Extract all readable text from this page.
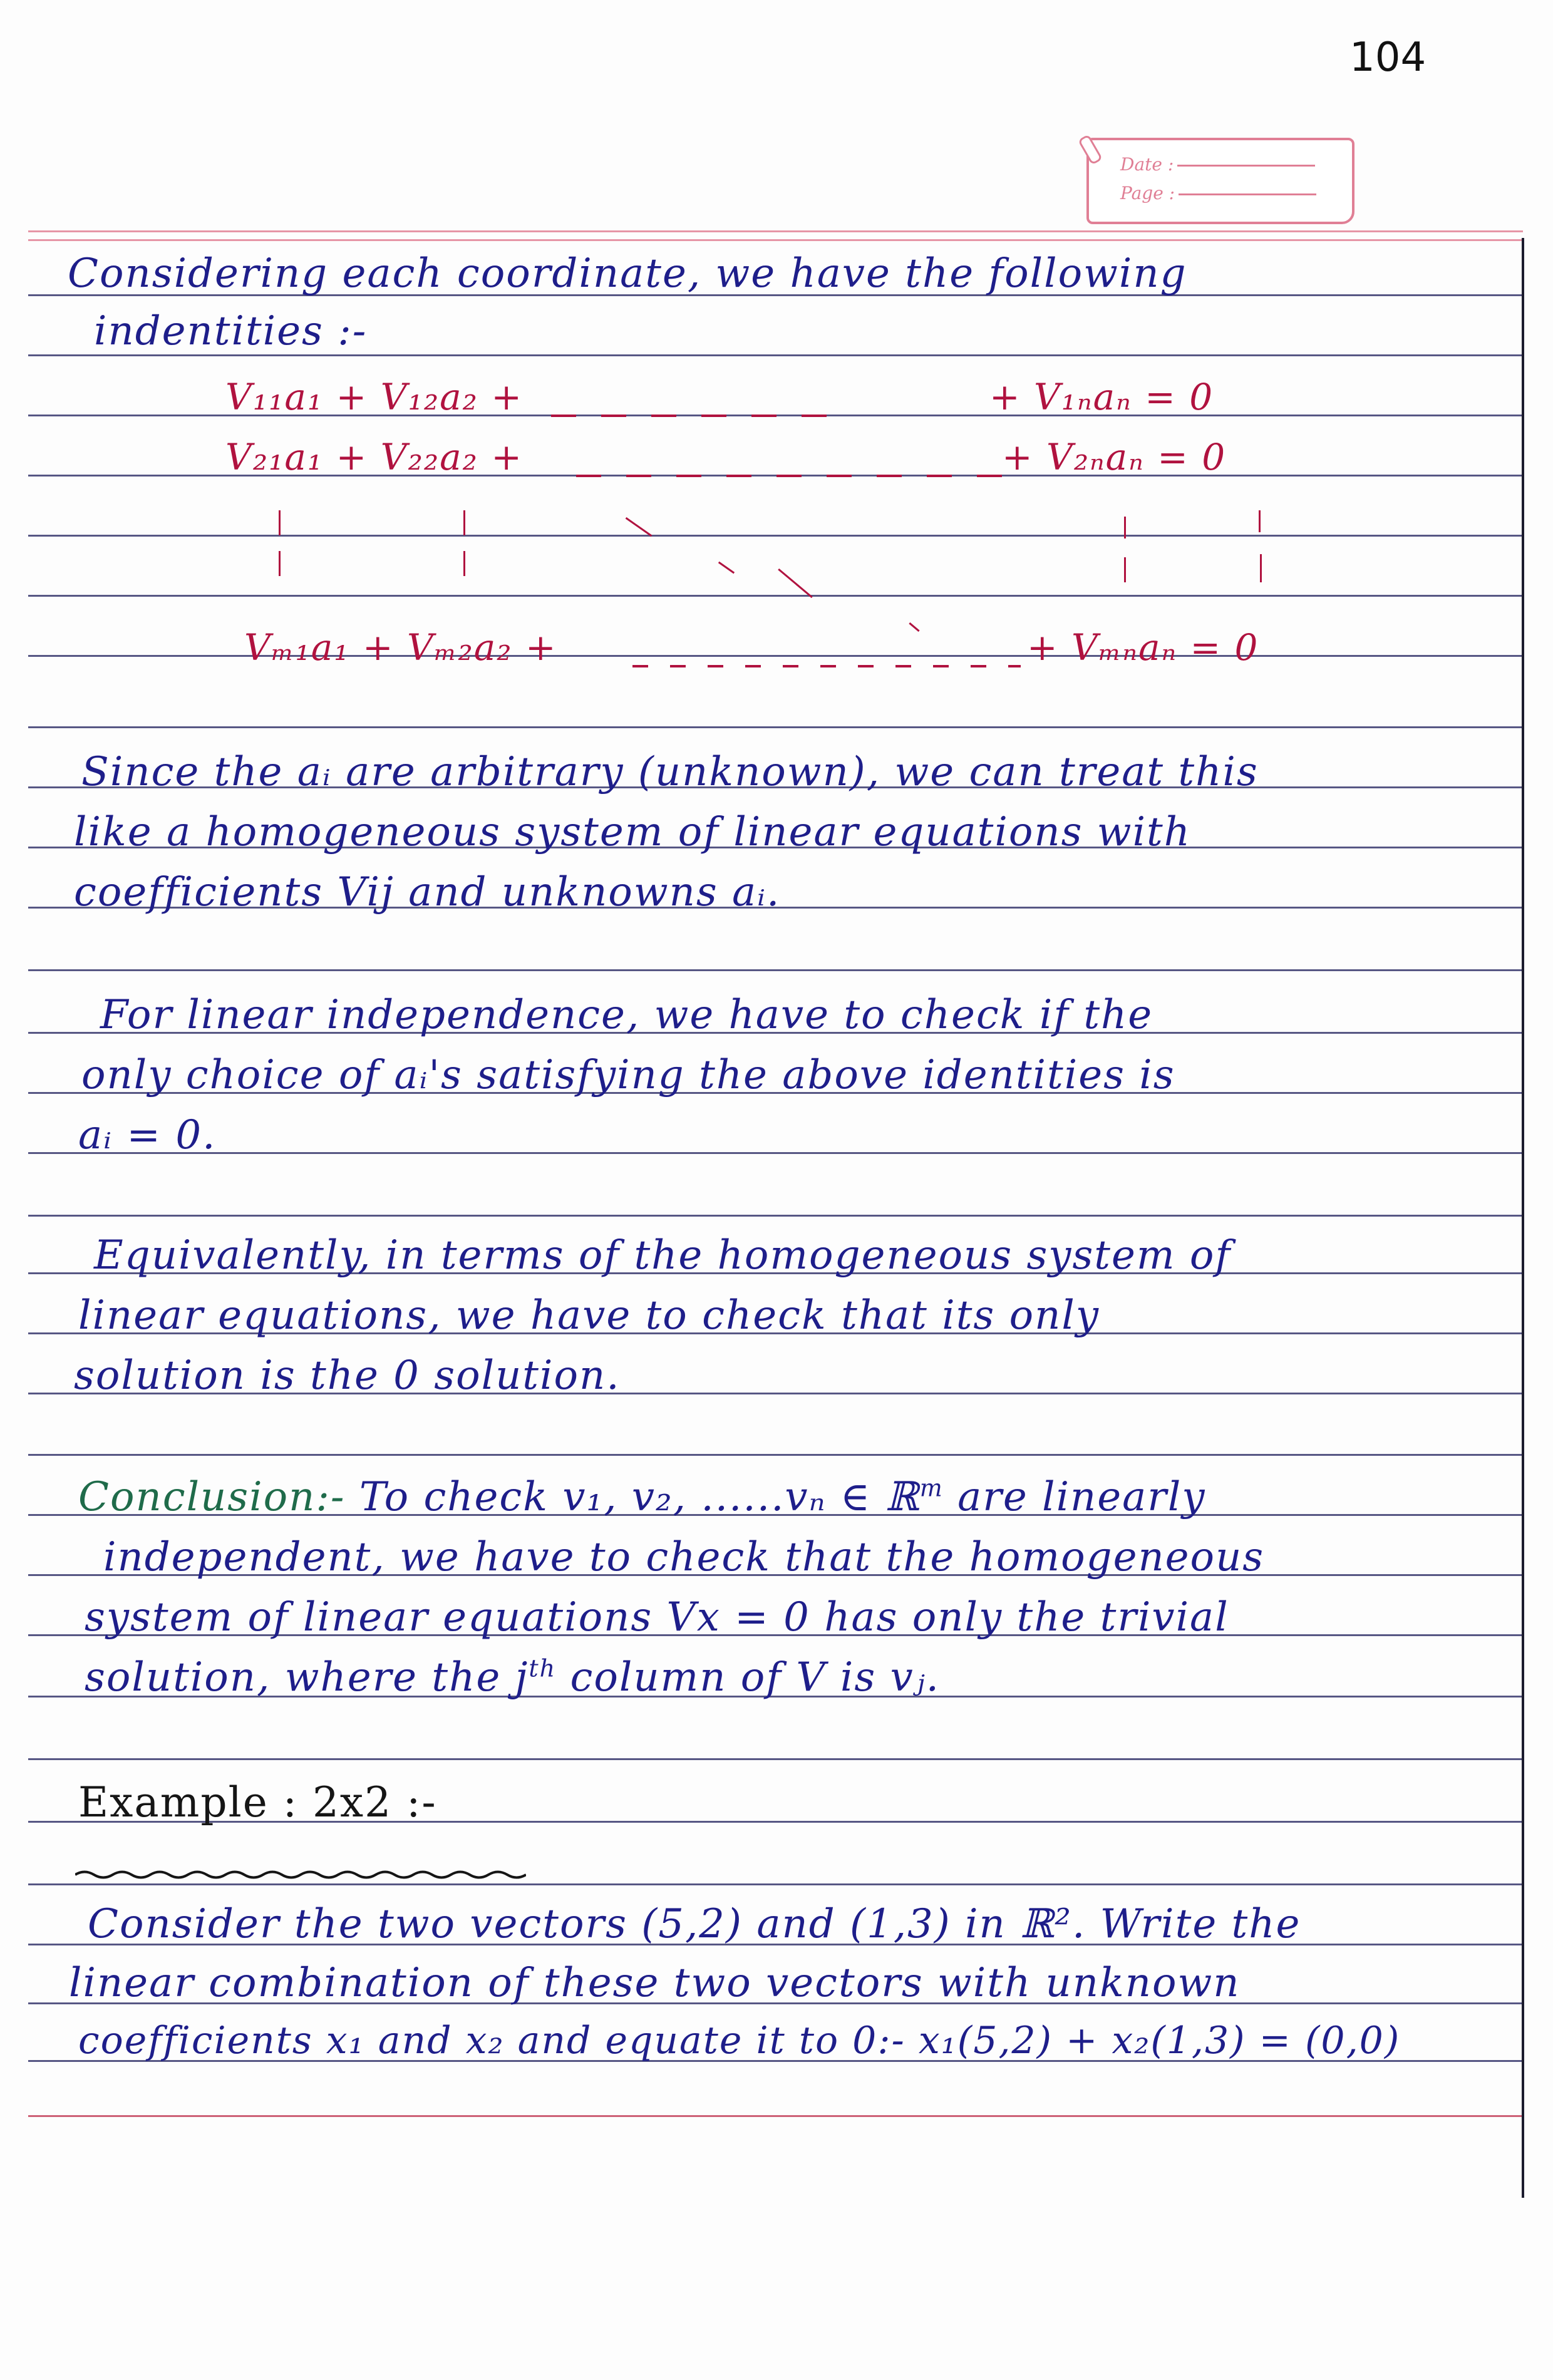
104
Date :
Page :
Considering each coordinate, we have the following
indentities :-
V₁₁a₁ + V₁₂a₂ +	+ V₁ₙaₙ = 0
V₂₁a₁ + V₂₂a₂ +	+ V₂ₙaₙ = 0
Vₘ₁a₁ + Vₘ₂a₂ +	+ Vₘₙaₙ = 0
Since the aᵢ are arbitrary (unknown), we can treat this
like a homogeneous system of linear equations with
coefficients Vij and unknowns aᵢ.
For linear independence, we have to check if the
only choice of aᵢ's satisfying the above identities is
aᵢ = 0.
Equivalently, in terms of the homogeneous system of
linear equations, we have to check that its only
solution is the 0 solution.
Conclusion:- To check v₁, v₂, ......vₙ ∈ ℝ$^m$ are linearly
independent, we have to check that the homogeneous
system of linear equations Vx = 0 has only the trivial
solution, where the $j^{th}$ column of V is vⱼ.
Example : 2x2 :-
Consider the two vectors (5,2) and (1,3) in ℝ². Write the
linear combination of these two vectors with unknown
coefficients x₁ and x₂ and equate it to 0:- x₁(5,2) + x₂(1,3) = (0,0)
